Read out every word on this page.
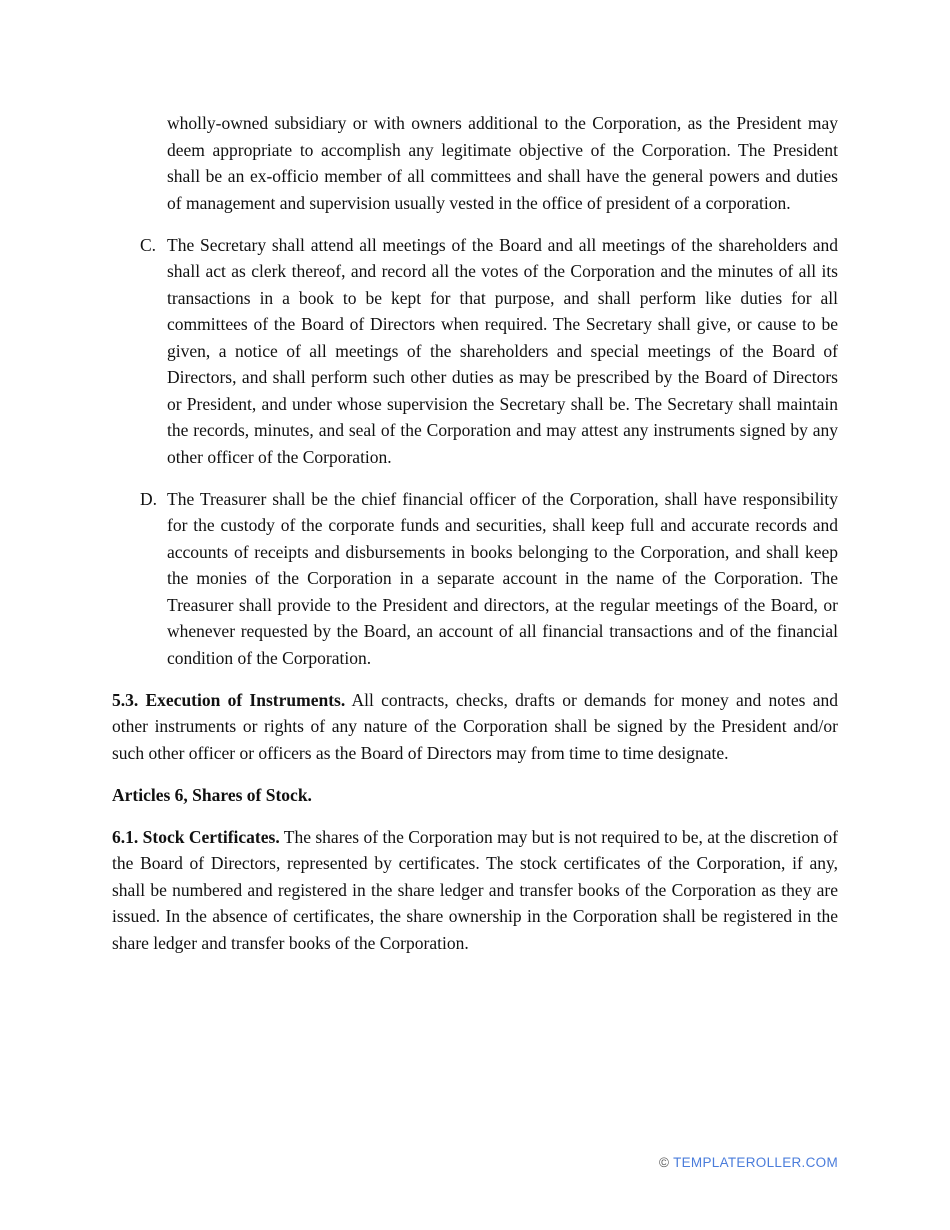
wholly-owned subsidiary or with owners additional to the Corporation, as the President may deem appropriate to accomplish any legitimate objective of the Corporation. The President shall be an ex-officio member of all committees and shall have the general powers and duties of management and supervision usually vested in the office of president of a corporation.

C. The Secretary shall attend all meetings of the Board and all meetings of the shareholders and shall act as clerk thereof, and record all the votes of the Corporation and the minutes of all its transactions in a book to be kept for that purpose, and shall perform like duties for all committees of the Board of Directors when required. The Secretary shall give, or cause to be given, a notice of all meetings of the shareholders and special meetings of the Board of Directors, and shall perform such other duties as may be prescribed by the Board of Directors or President, and under whose supervision the Secretary shall be. The Secretary shall maintain the records, minutes, and seal of the Corporation and may attest any instruments signed by any other officer of the Corporation.

D. The Treasurer shall be the chief financial officer of the Corporation, shall have responsibility for the custody of the corporate funds and securities, shall keep full and accurate records and accounts of receipts and disbursements in books belonging to the Corporation, and shall keep the monies of the Corporation in a separate account in the name of the Corporation. The Treasurer shall provide to the President and directors, at the regular meetings of the Board, or whenever requested by the Board, an account of all financial transactions and of the financial condition of the Corporation.

5.3. Execution of Instruments. All contracts, checks, drafts or demands for money and notes and other instruments or rights of any nature of the Corporation shall be signed by the President and/or such other officer or officers as the Board of Directors may from time to time designate.

Articles 6, Shares of Stock.

6.1. Stock Certificates. The shares of the Corporation may but is not required to be, at the discretion of the Board of Directors, represented by certificates. The stock certificates of the Corporation, if any, shall be numbered and registered in the share ledger and transfer books of the Corporation as they are issued. In the absence of certificates, the share ownership in the Corporation shall be registered in the share ledger and transfer books of the Corporation.

© TEMPLATEROLLER.COM
